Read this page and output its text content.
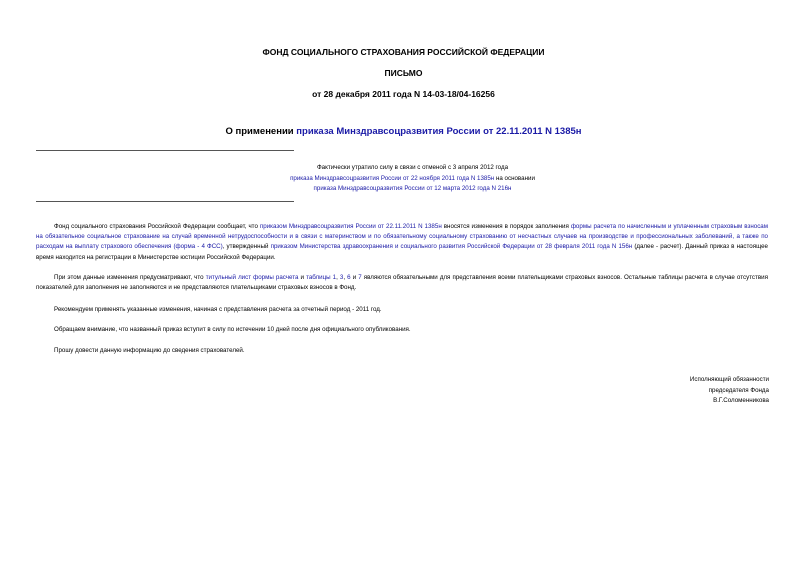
ФОНД СОЦИАЛЬНОГО СТРАХОВАНИЯ РОССИЙСКОЙ ФЕДЕРАЦИИ
ПИСЬМО
от 28 декабря 2011 года N 14-03-18/04-16256
О применении приказа Минздравсоцразвития России от 22.11.2011 N 1385н
Фактически утратило силу в связи с отменой с 3 апреля 2012 года
приказа Минздравсоцразвития России от 22 ноября 2011 года N 1385н на основании
приказа Минздравсоцразвития России от 12 марта 2012 года N 216н
Фонд социального страхования Российской Федерации сообщает, что приказом Минздравсоцразвития России от 22.11.2011 N 1385н вносятся изменения в порядок заполнения формы расчета по начисленным и уплаченным страховым взносам на обязательное социальное страхование на случай временной нетрудоспособности и в связи с материнством и по обязательному социальному страхованию от несчастных случаев на производстве и профессиональных заболеваний, а также по расходам на выплату страхового обеспечения (форма - 4 ФСС), утвержденный приказом Министерства здравоохранения и социального развития Российской Федерации от 28 февраля 2011 года N 156н (далее - расчет). Данный приказ в настоящее время находится на регистрации в Министерстве юстиции Российской Федерации.
При этом данные изменения предусматривают, что титульный лист формы расчета и таблицы 1, 3, 6 и 7 являются обязательными для представления всеми плательщиками страховых взносов. Остальные таблицы расчета в случае отсутствия показателей для заполнения не заполняются и не представляются плательщиками страховых взносов в Фонд.
Рекомендуем применять указанные изменения, начиная с представления расчета за отчетный период - 2011 год.
Обращаем внимание, что названный приказ вступит в силу по истечении 10 дней после дня официального опубликования.
Прошу довести данную информацию до сведения страхователей.
Исполняющий обязанности
председателя Фонда
В.Г.Соломенникова
